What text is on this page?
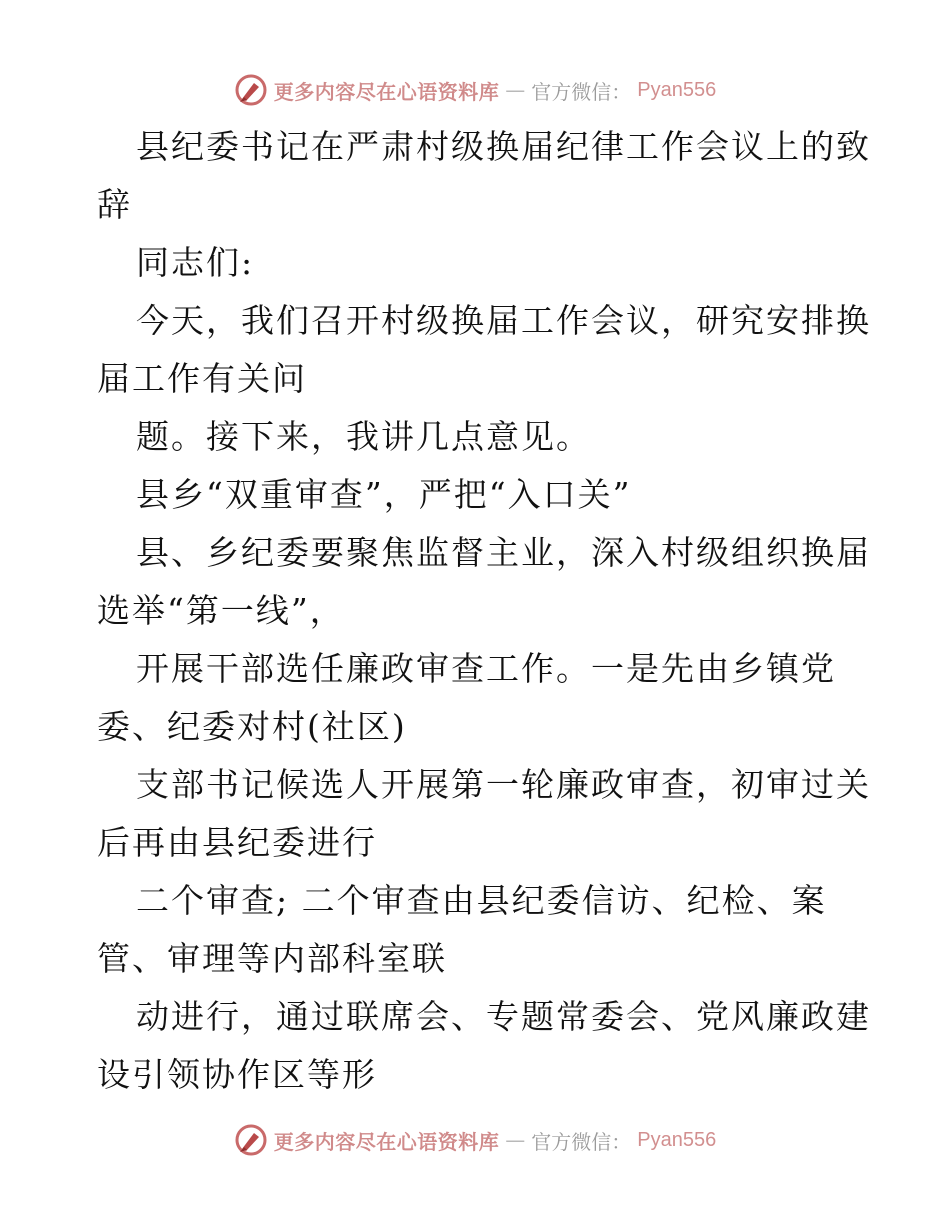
更多内容尽在心语资料库 — 官方微信： Pyan556
县纪委书记在严肃村级换届纪律工作会议上的致
辞
同志们:
今天，我们召开村级换届工作会议，研究安排换
届工作有关问
题。接下来，我讲几点意见。
县乡“双重审查”，严把“入口关”
县、乡纪委要聚焦监督主业，深入村级组织换届
选举“第一线”，
开展干部选任廉政审查工作。一是先由乡镇党
委、纪委对村(社区)
支部书记候选人开展第一轮廉政审查，初审过关
后再由县纪委进行
二个审查; 二个审查由县纪委信访、纪检、案
管、审理等内部科室联
动进行，通过联席会、专题常委会、党风廉政建
设引领协作区等形
更多内容尽在心语资料库 — 官方微信： Pyan556
